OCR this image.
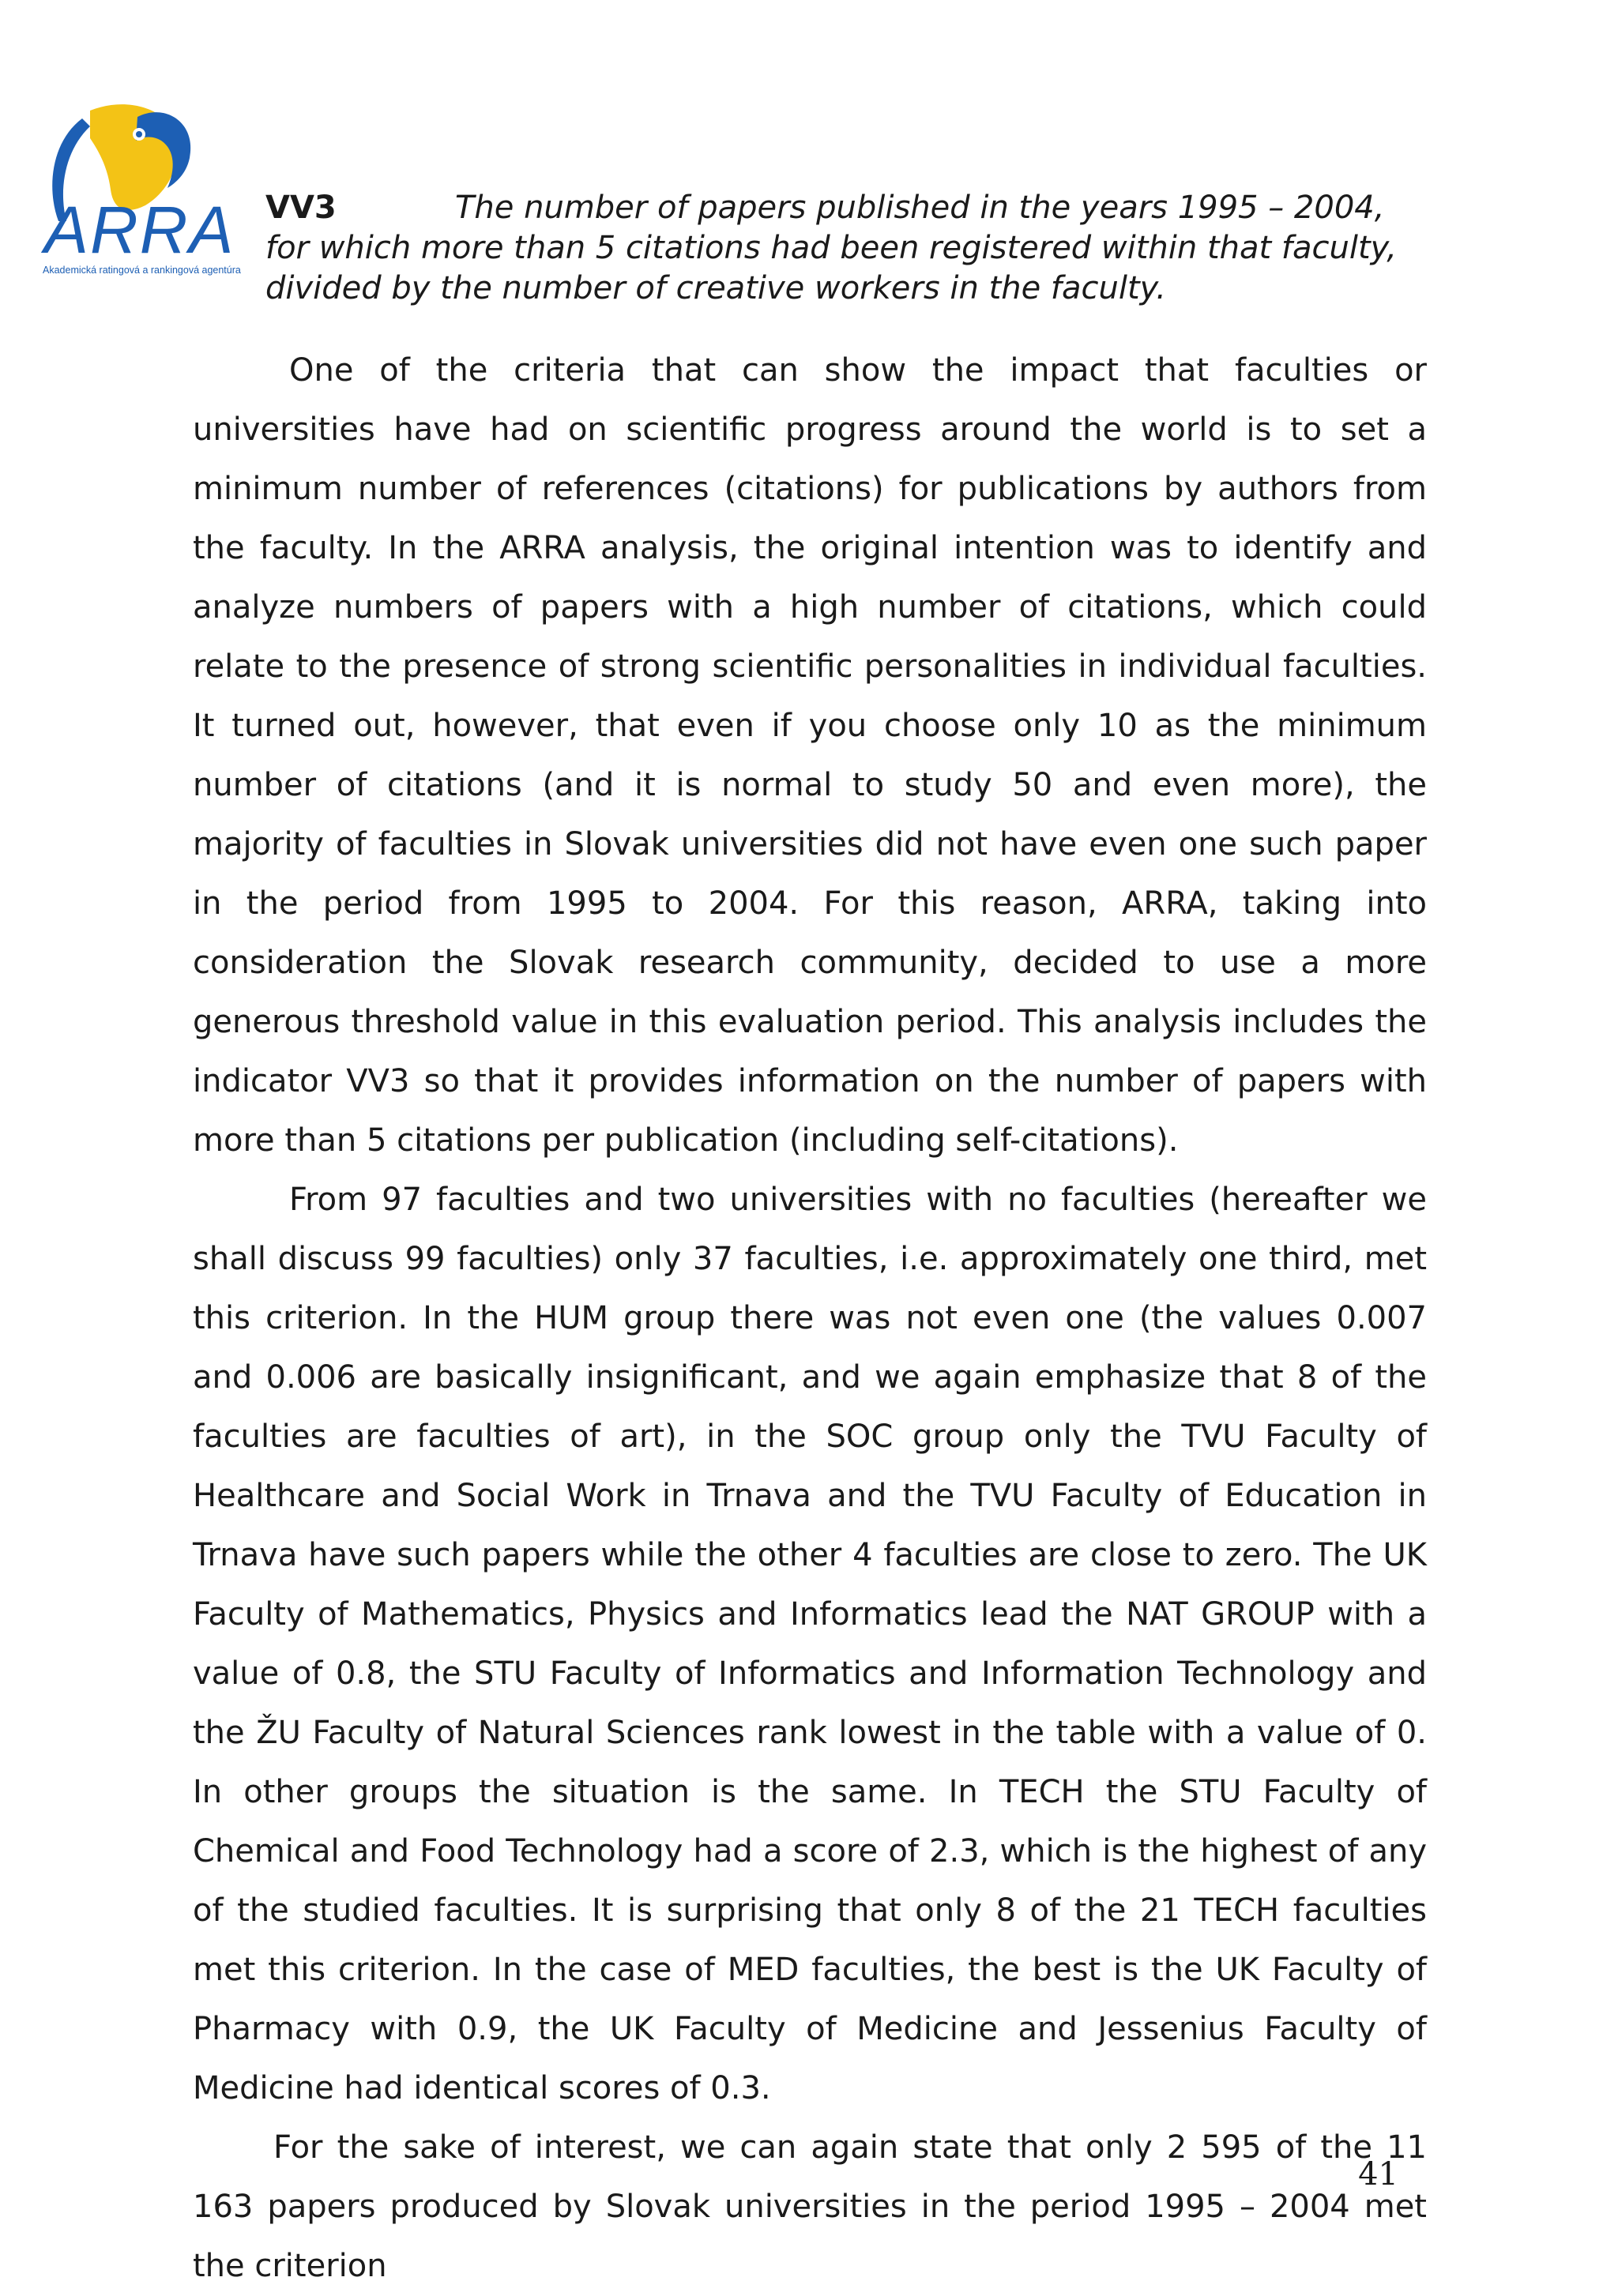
ARRA
Akademická ratingová a rankingová agentúra
VV3	The number of papers published in the years 1995 – 2004, for which more than 5 citations had been registered within that faculty, divided by the number of creative workers in the faculty.

One of the criteria that can show the impact that faculties or universities have had on scientific progress around the world is to set a minimum number of references (citations) for publications by authors from the faculty. In the ARRA analysis, the original intention was to identify and analyze numbers of papers with a high number of citations, which could relate to the presence of strong scientific personalities in individual faculties. It turned out, however, that even if you choose only 10 as the minimum number of citations (and it is normal to study 50 and even more), the majority of faculties in Slovak universities did not have even one such paper in the period from 1995 to 2004. For this reason, ARRA, taking into consideration the Slovak research community, decided to use a more generous threshold value in this evaluation period. This analysis includes the indicator VV3 so that it provides information on the number of papers with more than 5 citations per publication (including self-citations).

From 97 faculties and two universities with no faculties (hereafter we shall discuss 99 faculties) only 37 faculties, i.e. approximately one third, met this criterion. In the HUM group there was not even one (the values 0.007 and 0.006 are basically insignificant, and we again emphasize that 8 of the faculties are faculties of art), in the SOC group only the TVU Faculty of Healthcare and Social Work in Trnava and the TVU Faculty of Education in Trnava have such papers while the other 4 faculties are close to zero. The UK Faculty of Mathematics, Physics and Informatics lead the NAT GROUP with a value of 0.8, the STU Faculty of Informatics and Information Technology and the ŽU Faculty of Natural Sciences rank lowest in the table with a value of 0. In other groups the situation is the same. In TECH the STU Faculty of Chemical and Food Technology had a score of 2.3, which is the highest of any of the studied faculties. It is surprising that only 8 of the 21 TECH faculties met this criterion. In the case of MED faculties, the best is the UK Faculty of Pharmacy with 0.9, the UK Faculty of Medicine and Jessenius Faculty of Medicine had identical scores of 0.3.

For the sake of interest, we can again state that only 2 595 of the 11 163 papers produced by Slovak universities in the period 1995 – 2004 met the criterion

41
